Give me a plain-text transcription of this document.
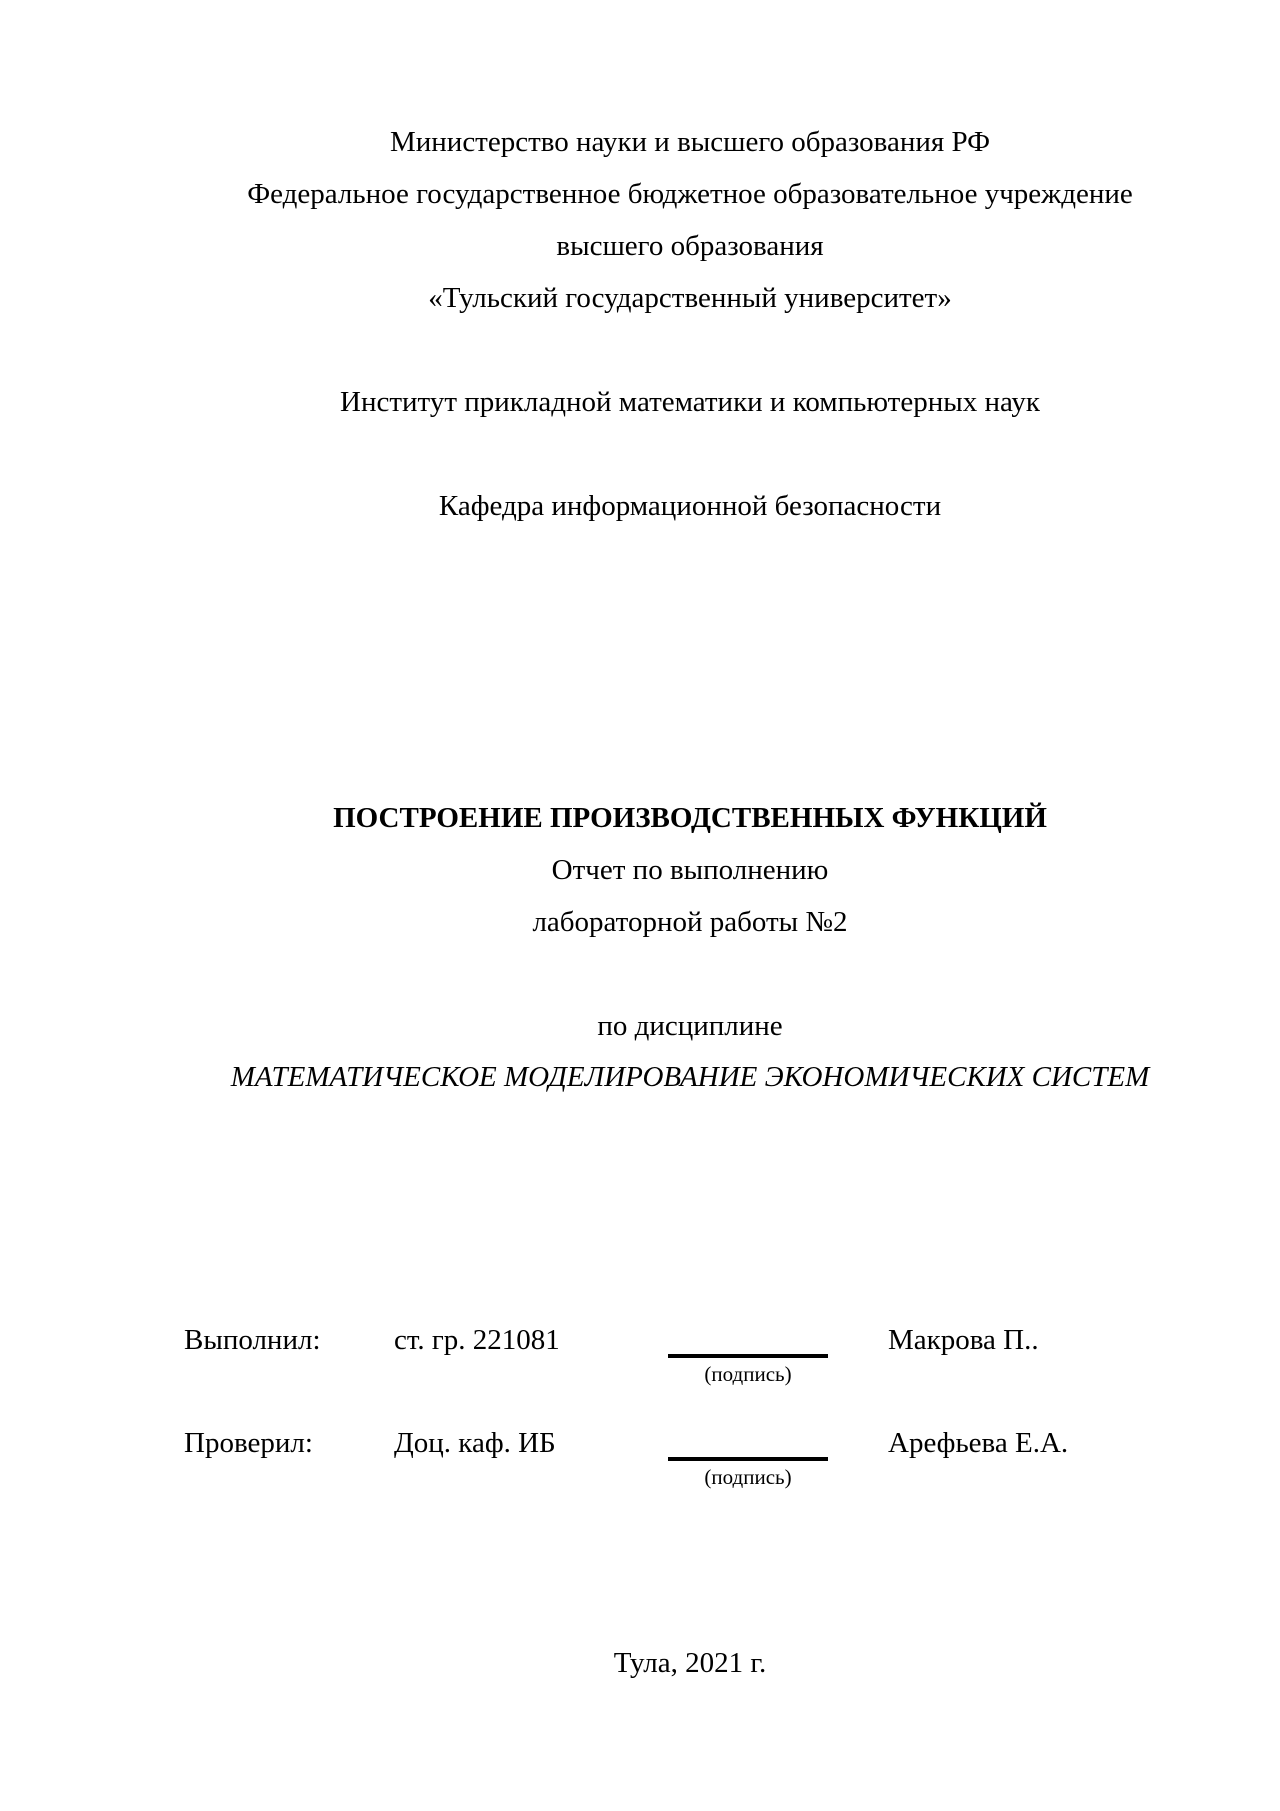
Министерство науки и высшего образования РФ
Федеральное государственное бюджетное образовательное учреждение
высшего образования
«Тульский государственный университет»
Институт прикладной математики и компьютерных наук
Кафедра информационной безопасности
ПОСТРОЕНИЕ ПРОИЗВОДСТВЕННЫХ ФУНКЦИЙ
Отчет по выполнению
лабораторной работы №2
по дисциплине
МАТЕМАТИЧЕСКОЕ МОДЕЛИРОВАНИЕ ЭКОНОМИЧЕСКИХ СИСТЕМ
Выполнил:	ст. гр. 221081
(подпись)
Макрова П..
Проверил:	Доц. каф. ИБ
(подпись)
Арефьева Е.А.
Тула, 2021 г.
